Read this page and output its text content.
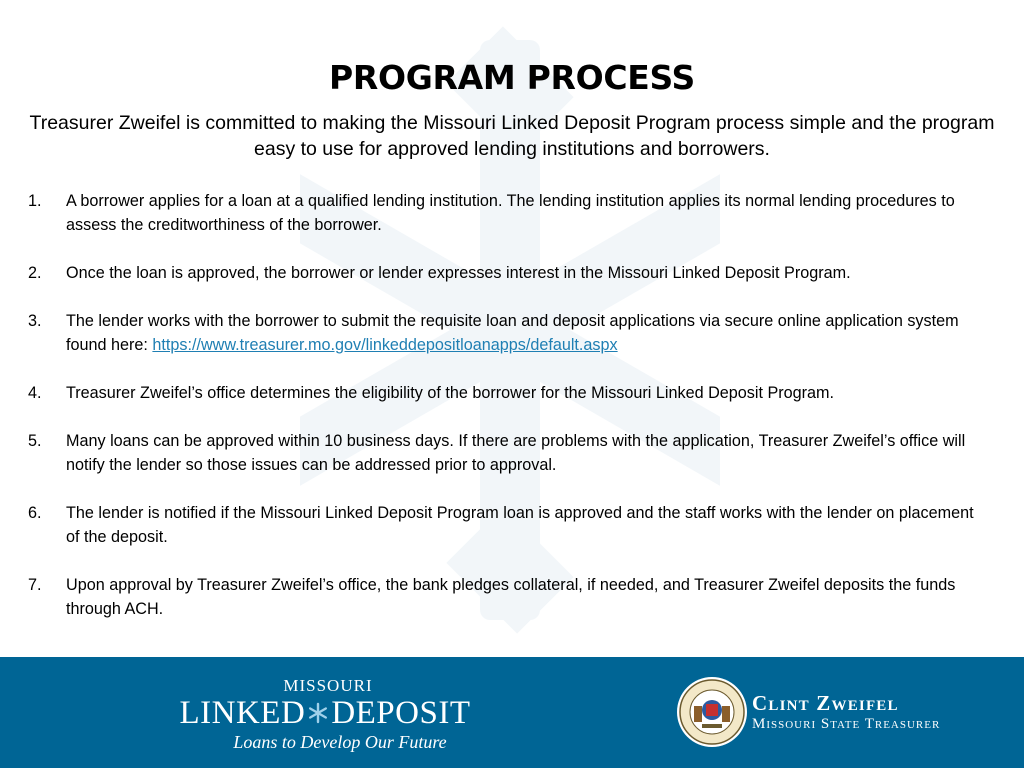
PROGRAM PROCESS

Treasurer Zweifel is committed to making the Missouri Linked Deposit Program process simple and the program easy to use for approved lending institutions and borrowers.

1.	A borrower applies for a loan at a qualified lending institution. The lending institution applies its normal lending procedures to assess the creditworthiness of the borrower.
2.	Once the loan is approved, the borrower or lender expresses interest in the Missouri Linked Deposit Program.
3.	The lender works with the borrower to submit the requisite loan and deposit applications via secure online application system found here: https://www.treasurer.mo.gov/linkeddepositloanapps/default.aspx
4.	Treasurer Zweifel’s office determines the eligibility of the borrower for the Missouri Linked Deposit Program.
5.	Many loans can be approved within 10 business days. If there are problems with the application, Treasurer Zweifel’s office will notify the lender so those issues can be addressed prior to approval.
6.	The lender is notified if the Missouri Linked Deposit Program loan is approved and the staff works with the lender on placement of the deposit.
7.	Upon approval by Treasurer Zweifel’s office, the bank pledges collateral, if needed, and Treasurer Zweifel deposits the funds through ACH.
MISSOURI
LINKED DEPOSIT
Loans to Develop Our Future
Clint Zweifel
Missouri State Treasurer
